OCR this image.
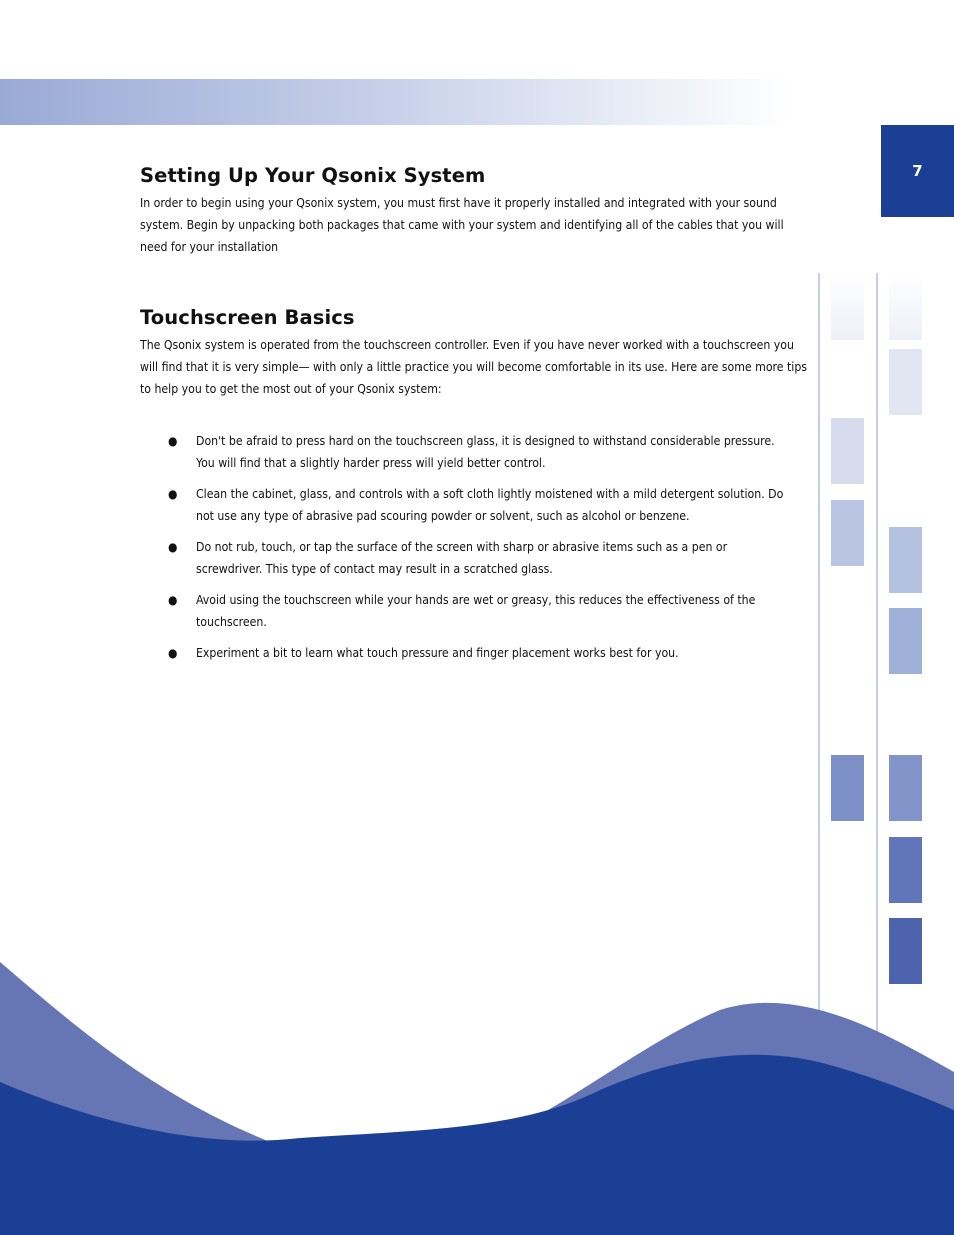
7
Setting Up Your Qsonix System

In order to begin using your Qsonix system, you must first have it properly installed and integrated with your sound system. Begin by unpacking both packages that came with your system and identifying all of the cables that you will need for your installation

Touchscreen Basics

The Qsonix system is operated from the touchscreen controller. Even if you have never worked with a touchscreen you will find that it is very simple— with only a little practice you will become comfortable in its use. Here are some more tips to help you to get the most out of your Qsonix system:

● Don't be afraid to press hard on the touchscreen glass, it is designed to withstand considerable pressure. You will find that a slightly harder press will yield better control.
● Clean the cabinet, glass, and controls with a soft cloth lightly moistened with a mild detergent solution. Do not use any type of abrasive pad scouring powder or solvent, such as alcohol or benzene.
● Do not rub, touch, or tap the surface of the screen with sharp or abrasive items such as a pen or screwdriver. This type of contact may result in a scratched glass.
● Avoid using the touchscreen while your hands are wet or greasy, this reduces the effectiveness of the touchscreen.
● Experiment a bit to learn what touch pressure and finger placement works best for you.
